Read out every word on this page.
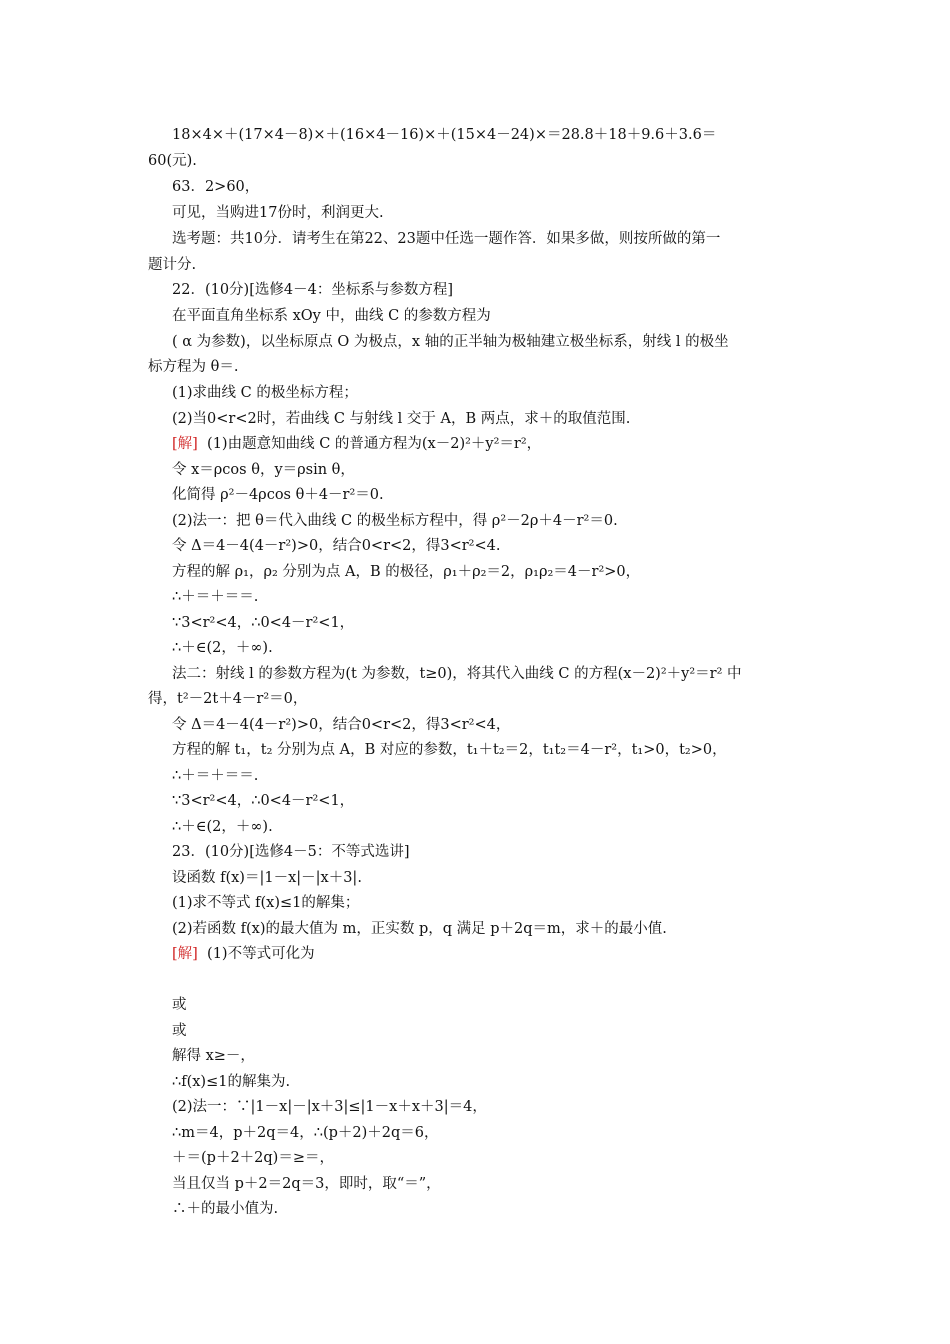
18×4×＋(17×4－8)×＋(16×4－16)×＋(15×4－24)×＝28.8＋18＋9.6＋3.6＝
60(元).
63．2>60，
可见，当购进17份时，利润更大.
选考题：共10分．请考生在第22、23题中任选一题作答．如果多做，则按所做的第一
题计分.
22．(10分)[选修4－4：坐标系与参数方程]
在平面直角坐标系 xOy 中，曲线 C 的参数方程为
( α 为参数)，以坐标原点 O 为极点，x 轴的正半轴为极轴建立极坐标系，射线 l 的极坐
标方程为 θ＝.
(1)求曲线 C 的极坐标方程；
(2)当0<r<2时，若曲线 C 与射线 l 交于 A，B 两点，求＋的取值范围.
[解] (1)由题意知曲线 C 的普通方程为(x－2)²＋y²＝r²，
令 x＝ρcos θ，y＝ρsin θ，
化简得 ρ²－4ρcos θ＋4－r²＝0.
(2)法一：把 θ＝代入曲线 C 的极坐标方程中，得 ρ²－2ρ＋4－r²＝0.
令 Δ＝4－4(4－r²)>0，结合0<r<2，得3<r²<4.
方程的解 ρ₁，ρ₂ 分别为点 A，B 的极径，ρ₁＋ρ₂＝2，ρ₁ρ₂＝4－r²>0，
∴＋＝＋＝＝.
∵3<r²<4，∴0<4－r²<1，
∴＋∈(2，＋∞).
法二：射线 l 的参数方程为(t 为参数，t≥0)，将其代入曲线 C 的方程(x－2)²＋y²＝r² 中
得，t²－2t＋4－r²＝0，
令 Δ＝4－4(4－r²)>0，结合0<r<2，得3<r²<4，
方程的解 t₁，t₂ 分别为点 A，B 对应的参数，t₁＋t₂＝2，t₁t₂＝4－r²，t₁>0，t₂>0，
∴＋＝＋＝＝.
∵3<r²<4，∴0<4－r²<1，
∴＋∈(2，＋∞).
23．(10分)[选修4－5：不等式选讲]
设函数 f(x)＝|1－x|－|x＋3|.
(1)求不等式 f(x)≤1的解集；
(2)若函数 f(x)的最大值为 m，正实数 p，q 满足 p＋2q＝m，求＋的最小值.
[解] (1)不等式可化为
或
或
解得 x≥－，
∴f(x)≤1的解集为.
(2)法一：∵|1－x|－|x＋3|≤|1－x＋x＋3|＝4，
∴m＝4，p＋2q＝4，∴(p＋2)＋2q＝6，
＋＝(p＋2＋2q)＝≥＝，
当且仅当 p＋2＝2q＝3，即时，取“＝”，
∴＋的最小值为.
